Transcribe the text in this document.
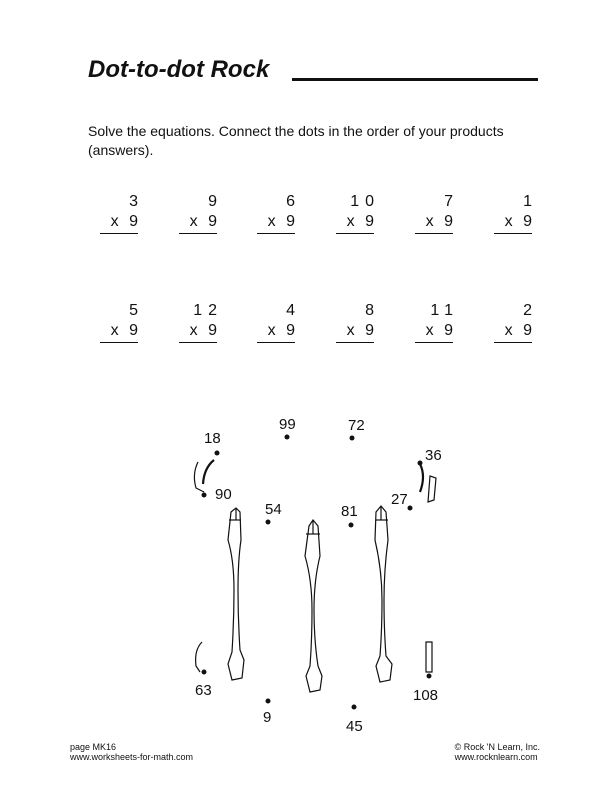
Dot-to-dot Rock
Solve the equations. Connect the dots in the order of your products (answers).
3
x 9
9
x 9
6
x 9
10
x 9
7
x 9
1
x 9
5
x 9
12
x 9
4
x 9
8
x 9
11
x 9
2
x 9
18
99	72
36
90
54	81
27
63
9
45
108
page MK16
www.worksheets-for-math.com
© Rock 'N Learn, Inc.
www.rocknlearn.com
